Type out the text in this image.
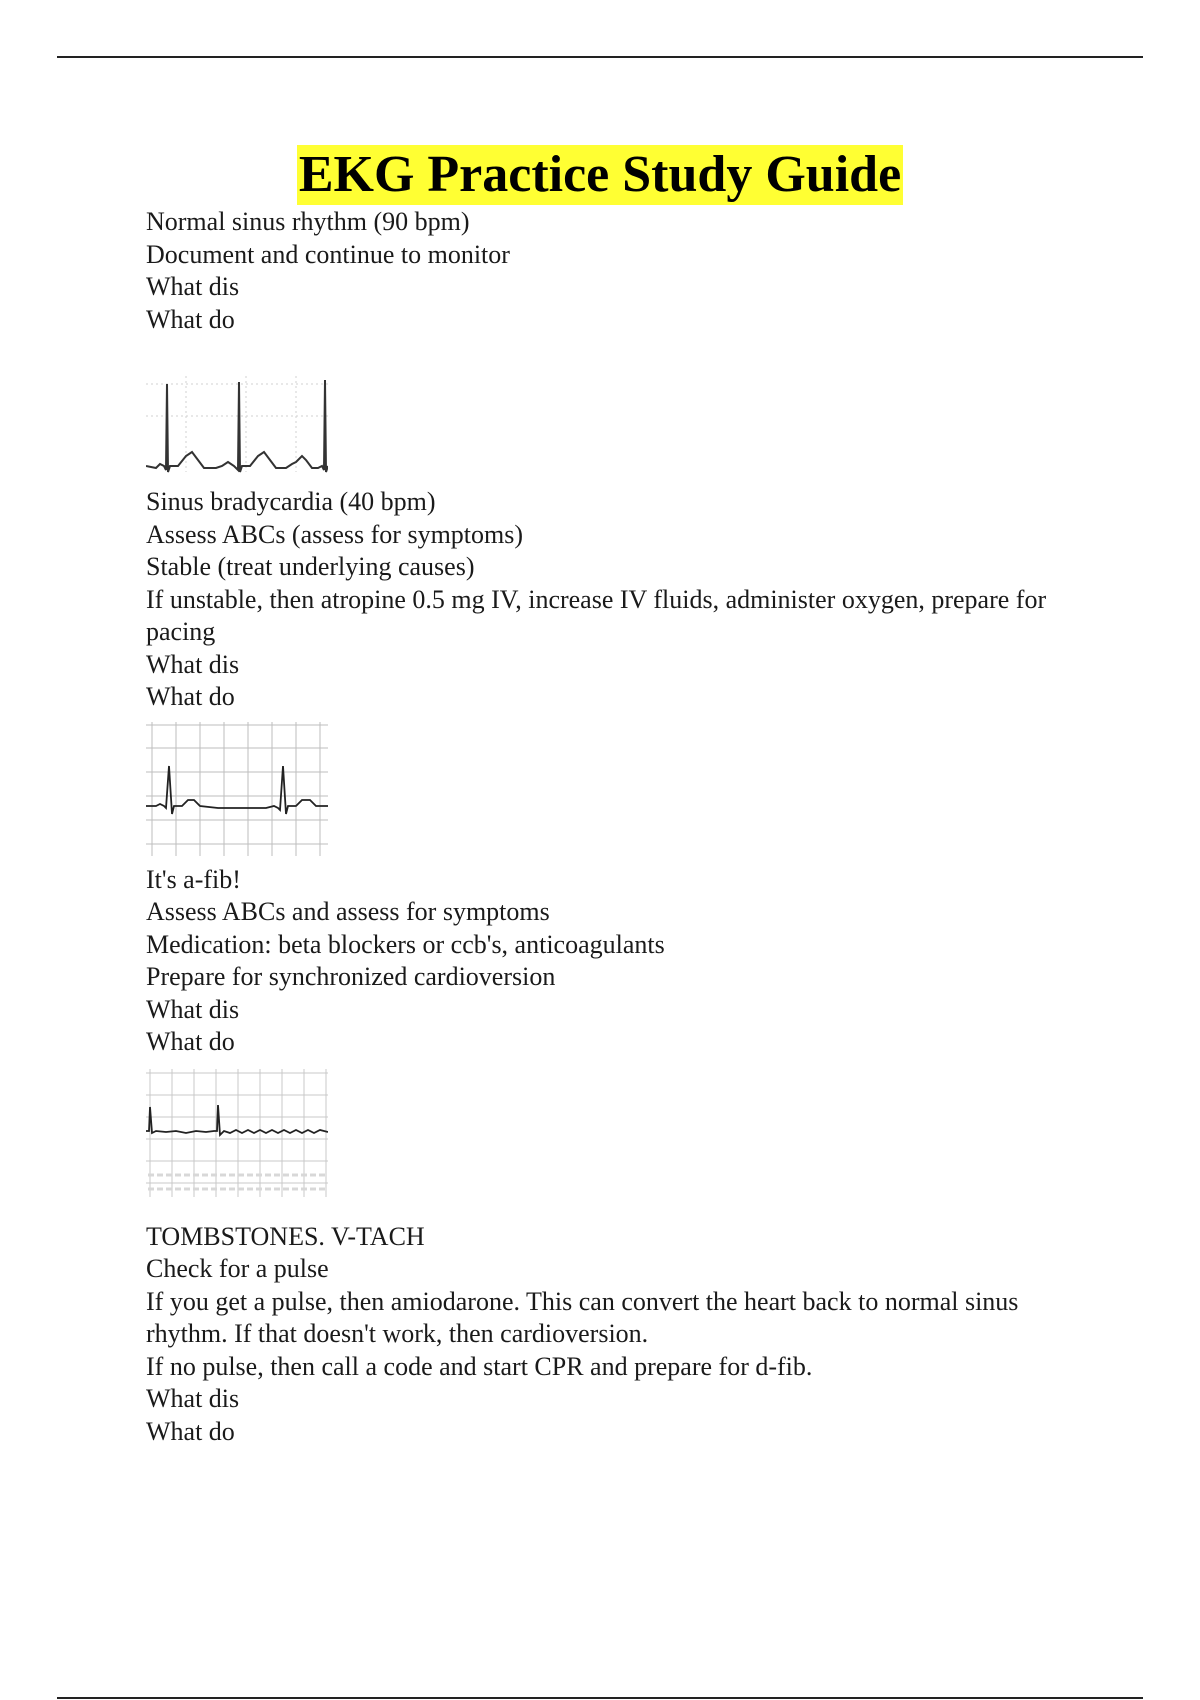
EKG Practice Study Guide
Normal sinus rhythm (90 bpm)
Document and continue to monitor
What dis
What do
Sinus bradycardia (40 bpm)
Assess ABCs (assess for symptoms)
Stable (treat underlying causes)
If unstable, then atropine 0.5 mg IV, increase IV fluids, administer oxygen, prepare for pacing
What dis
What do
It's a-fib!
Assess ABCs and assess for symptoms
Medication: beta blockers or ccb's, anticoagulants
Prepare for synchronized cardioversion
What dis
What do
TOMBSTONES. V-TACH
Check for a pulse
If you get a pulse, then amiodarone. This can convert the heart back to normal sinus rhythm. If that doesn't work, then cardioversion.
If no pulse, then call a code and start CPR and prepare for d-fib.
What dis
What do
